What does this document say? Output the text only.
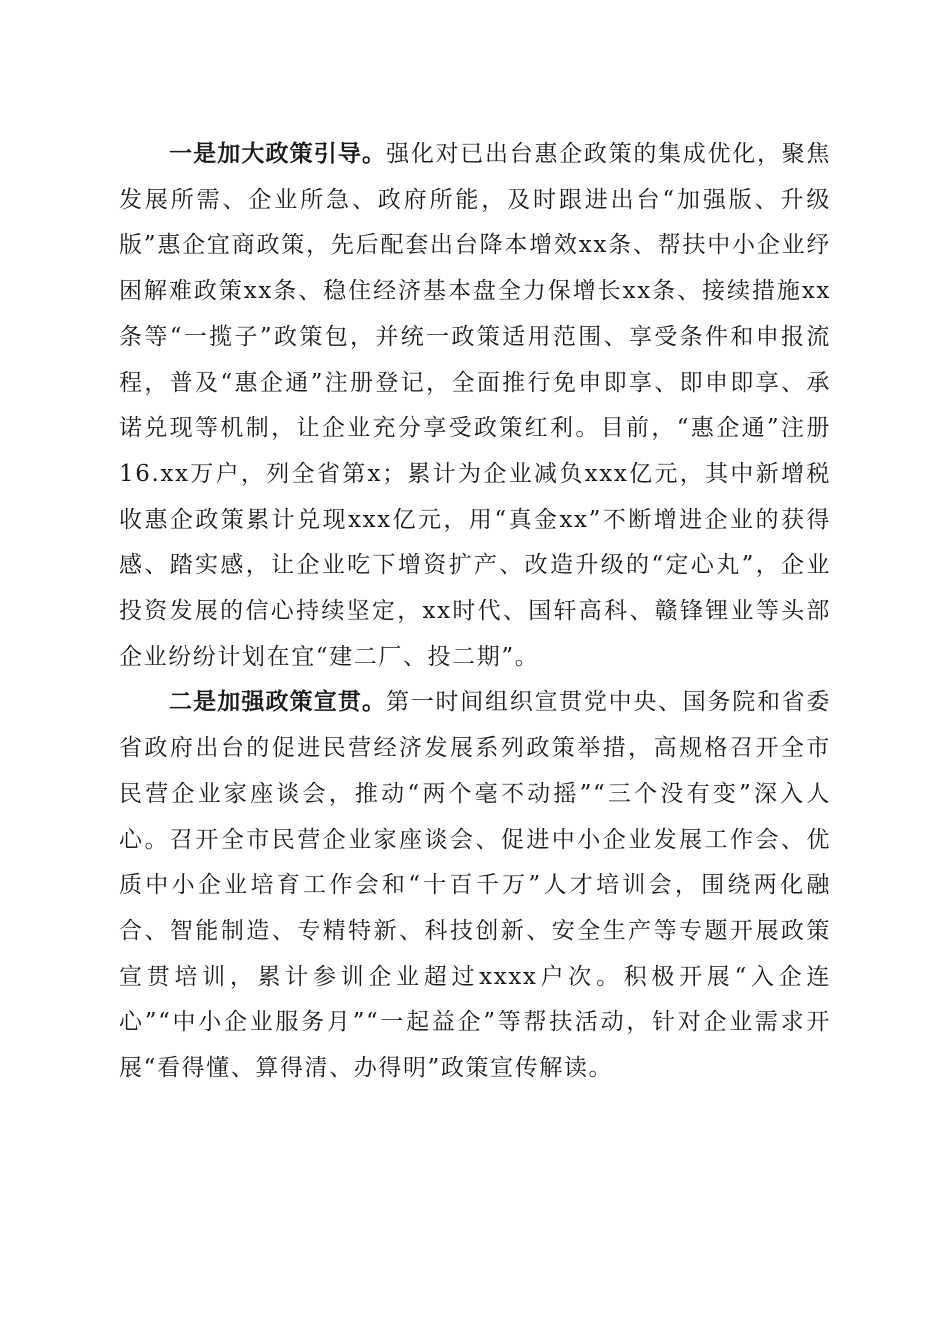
一是加大政策引导。强化对已出台惠企政策的集成优化，聚焦发展所需、企业所急、政府所能，及时跟进出台“加强版、升级版”惠企宜商政策，先后配套出台降本增效xx条、帮扶中小企业纾困解难政策xx条、稳住经济基本盘全力保增长xx条、接续措施xx条等“一揽子”政策包，并统一政策适用范围、享受条件和申报流程，普及“惠企通”注册登记，全面推行免申即享、即申即享、承诺兑现等机制，让企业充分享受政策红利。目前，“惠企通”注册16.xx万户，列全省第x；累计为企业减负xxx亿元，其中新增税收惠企政策累计兑现xxx亿元，用“真金xx”不断增进企业的获得感、踏实感，让企业吃下增资扩产、改造升级的“定心丸”，企业投资发展的信心持续坚定，xx时代、国轩高科、赣锋锂业等头部企业纷纷计划在宜“建二厂、投二期”。

二是加强政策宣贯。第一时间组织宣贯党中央、国务院和省委省政府出台的促进民营经济发展系列政策举措，高规格召开全市民营企业家座谈会，推动“两个毫不动摇”“三个没有变”深入人心。召开全市民营企业家座谈会、促进中小企业发展工作会、优质中小企业培育工作会和“十百千万”人才培训会，围绕两化融合、智能制造、专精特新、科技创新、安全生产等专题开展政策宣贯培训，累计参训企业超过xxxx户次。积极开展“入企连心”“中小企业服务月”“一起益企”等帮扶活动，针对企业需求开展“看得懂、算得清、办得明”政策宣传解读。
